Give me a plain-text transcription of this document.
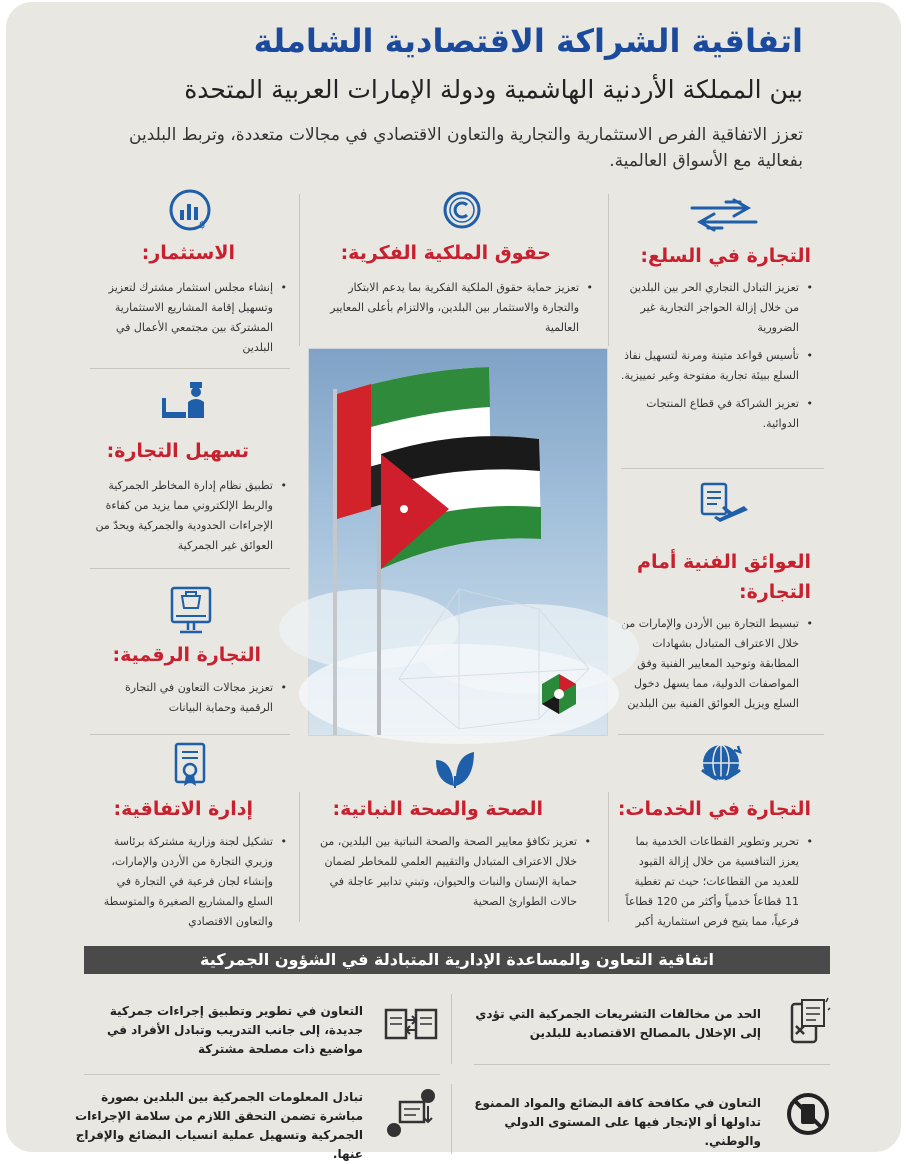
اتفاقية الشراكة الاقتصادية الشاملة
بين المملكة الأردنية الهاشمية ودولة الإمارات العربية المتحدة
تعزز الاتفاقية الفرص الاستثمارية والتجارية والتعاون الاقتصادي في مجالات متعددة، وتربط البلدين بفعالية مع الأسواق العالمية.
التجارة في السلع:
• تعزيز التبادل التجاري الحر بين البلدين من خلال إزالة الحواجز التجارية غير الضرورية
• تأسيس قواعد متينة ومرنة لتسهيل نفاذ السلع ببيئة تجارية مفتوحة وغير تمييزية.
• تعزيز الشراكة في قطاع المنتجات الدوائية.
حقوق الملكية الفكرية:
• تعزيز حماية حقوق الملكية الفكرية بما يدعم الابتكار والتجارة والاستثمار بين البلدين، والالتزام بأعلى المعايير العالمية
$
الاستثمار:
• إنشاء مجلس استثمار مشترك لتعزيز وتسهيل إقامة المشاريع الاستثمارية المشتركة بين مجتمعي الأعمال في البلدين
تسهيل التجارة:
• تطبيق نظام إدارة المخاطر الجمركية والربط الإلكتروني مما يزيد من كفاءة الإجراءات الحدودية والجمركية ويحدّ من العوائق غير الجمركية
العوائق الفنية أمام التجارة:
• تبسيط التجارة بين الأردن والإمارات من خلال الاعتراف المتبادل بشهادات المطابقة وتوحيد المعايير الفنية وفق المواصفات الدولية، مما يسهل دخول السلع ويزيل العوائق الفنية بين البلدين
التجارة الرقمية:
• تعزيز مجالات التعاون في التجارة الرقمية وحماية البيانات
التجارة في الخدمات:
• تحرير وتطوير القطاعات الخدمية بما يعزز التنافسية من خلال إزالة القيود للعديد من القطاعات؛ حيث تم تغطية 11 قطاعاً خدمياً وأكثر من 120 قطاعاً فرعياً، مما يتيح فرص استثمارية أكبر
الصحة والصحة النباتية:
• تعزيز تكافؤ معايير الصحة والصحة النباتية بين البلدين، من خلال الاعتراف المتبادل والتقييم العلمي للمخاطر لضمان حماية الإنسان والنبات والحيوان، وتبني تدابير عاجلة في حالات الطوارئ الصحية
إدارة الاتفاقية:
• تشكيل لجنة وزارية مشتركة برئاسة وزيري التجارة من الأردن والإمارات، وإنشاء لجان فرعية في التجارة في السلع والمشاريع الصغيرة والمتوسطة والتعاون الاقتصادي
اتفاقية التعاون والمساعدة الإدارية المتبادلة في الشؤون الجمركية
الحد من مخالفات التشريعات الجمركية التي تؤدي إلى الإخلال بالمصالح الاقتصادية للبلدين
التعاون في تطوير وتطبيق إجراءات جمركية جديدة، إلى جانب التدريب وتبادل الأفراد في مواضيع ذات مصلحة مشتركة
التعاون في مكافحة كافة البضائع والمواد الممنوع تداولها أو الإتجار فيها على المستوى الدولي والوطني.
تبادل المعلومات الجمركية بين البلدين بصورة مباشرة تضمن التحقق اللازم من سلامة الإجراءات الجمركية وتسهيل عملية انسياب البضائع والإفراج عنها.
